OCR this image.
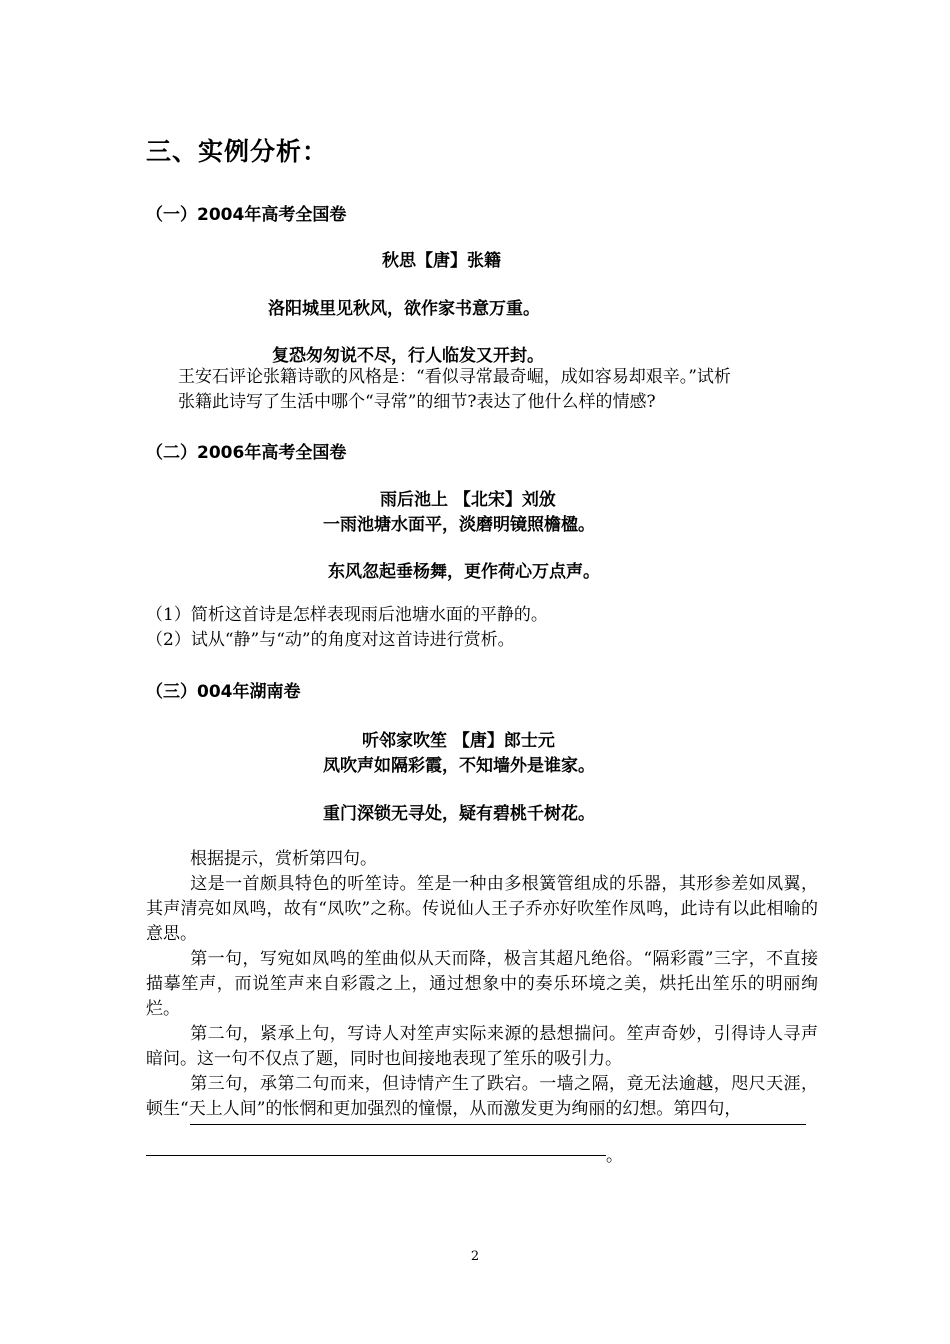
三、实例分析：
（一）2004年高考全国卷
秋思【唐】张籍
洛阳城里见秋风，欲作家书意万重。
复恐匆匆说不尽，行人临发又开封。
王安石评论张籍诗歌的风格是：“看似寻常最奇崛，成如容易却艰辛。”试析
张籍此诗写了生活中哪个“寻常”的细节?表达了他什么样的情感?
（二）2006年高考全国卷
雨后池上 【北宋】刘攽
一雨池塘水面平，淡磨明镜照檐楹。
东风忽起垂杨舞，更作荷心万点声。
（1）简析这首诗是怎样表现雨后池塘水面的平静的。
（2）试从“静”与“动”的角度对这首诗进行赏析。
（三）004年湖南卷
听邻家吹笙 【唐】郎士元
凤吹声如隔彩霞，不知墙外是谁家。
重门深锁无寻处，疑有碧桃千树花。
根据提示，赏析第四句。
这是一首颇具特色的听笙诗。笙是一种由多根簧管组成的乐器，其形参差如凤翼，其声清亮如凤鸣，故有“凤吹”之称。传说仙人王子乔亦好吹笙作凤鸣，此诗有以此相喻的意思。
第一句，写宛如凤鸣的笙曲似从天而降，极言其超凡绝俗。“隔彩霞”三字，不直接描摹笙声，而说笙声来自彩霞之上，通过想象中的奏乐环境之美，烘托出笙乐的明丽绚烂。
第二句，紧承上句，写诗人对笙声实际来源的悬想揣问。笙声奇妙，引得诗人寻声暗问。这一句不仅点了题，同时也间接地表现了笙乐的吸引力。
第三句，承第二句而来，但诗情产生了跌宕。一墙之隔，竟无法逾越，咫尺天涯，顿生“天上人间”的怅惘和更加强烈的憧憬，从而激发更为绚丽的幻想。第四句，
。
2
